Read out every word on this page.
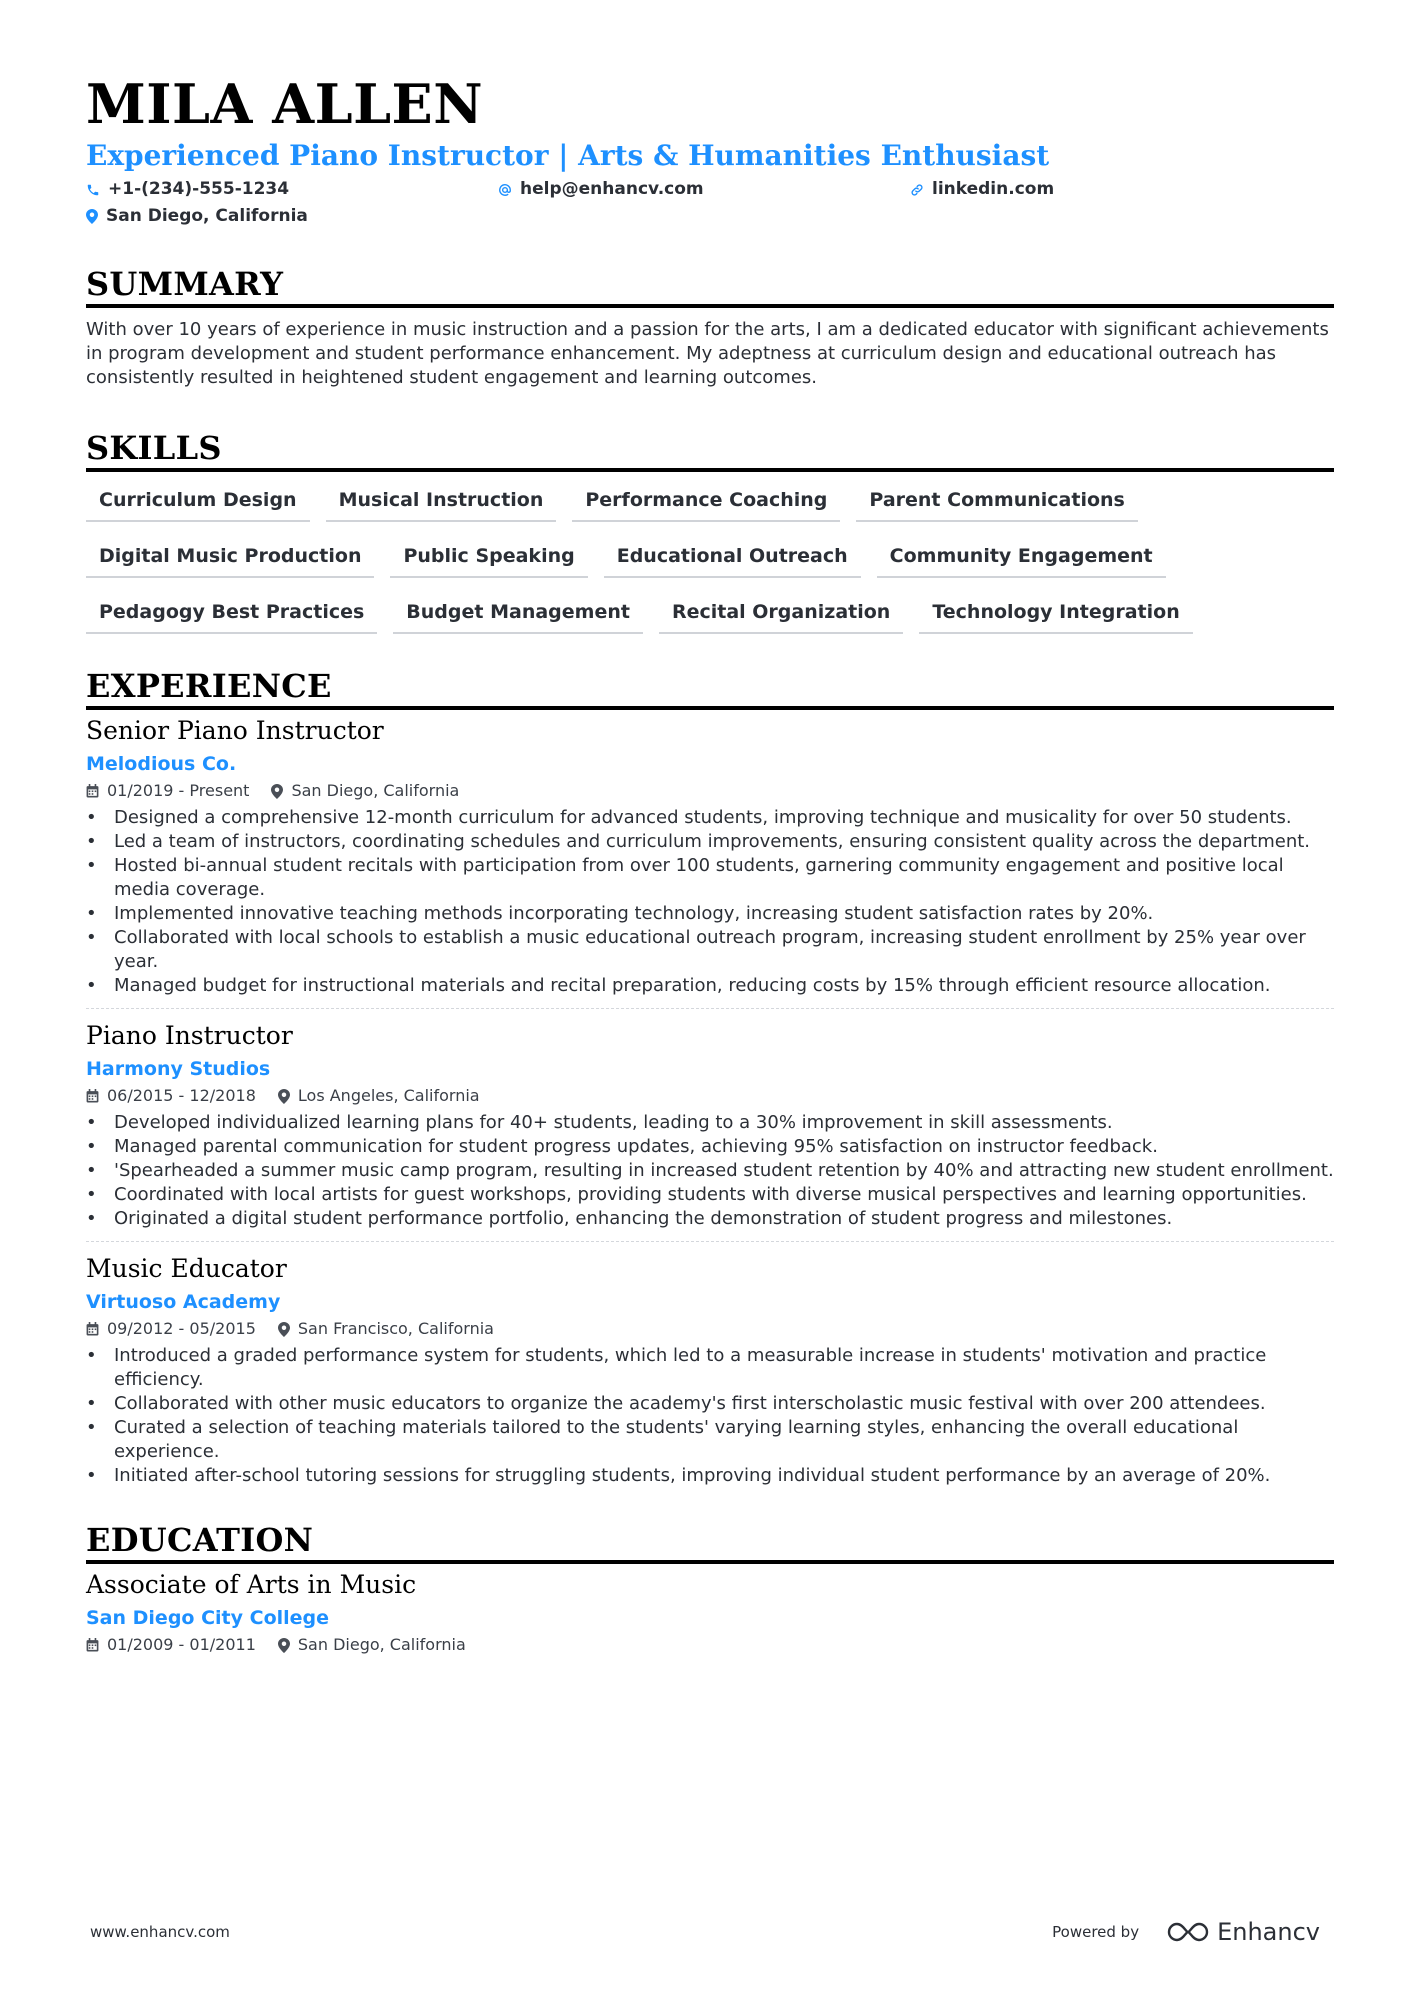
MILA ALLEN
Experienced Piano Instructor | Arts & Humanities Enthusiast
+1-(234)-555-1234	help@enhancv.com	linkedin.com
San Diego, California
SUMMARY
With over 10 years of experience in music instruction and a passion for the arts, I am a dedicated educator with significant achievements in program development and student performance enhancement. My adeptness at curriculum design and educational outreach has consistently resulted in heightened student engagement and learning outcomes.
SKILLS
Curriculum Design	Musical Instruction	Performance Coaching	Parent Communications
Digital Music Production	Public Speaking	Educational Outreach	Community Engagement
Pedagogy Best Practices	Budget Management	Recital Organization	Technology Integration
EXPERIENCE
Senior Piano Instructor
Melodious Co.
01/2019 - Present	San Diego, California
• Designed a comprehensive 12-month curriculum for advanced students, improving technique and musicality for over 50 students.
• Led a team of instructors, coordinating schedules and curriculum improvements, ensuring consistent quality across the department.
• Hosted bi-annual student recitals with participation from over 100 students, garnering community engagement and positive local media coverage.
• Implemented innovative teaching methods incorporating technology, increasing student satisfaction rates by 20%.
• Collaborated with local schools to establish a music educational outreach program, increasing student enrollment by 25% year over year.
• Managed budget for instructional materials and recital preparation, reducing costs by 15% through efficient resource allocation.
Piano Instructor
Harmony Studios
06/2015 - 12/2018	Los Angeles, California
• Developed individualized learning plans for 40+ students, leading to a 30% improvement in skill assessments.
• Managed parental communication for student progress updates, achieving 95% satisfaction on instructor feedback.
• 'Spearheaded a summer music camp program, resulting in increased student retention by 40% and attracting new student enrollment.
• Coordinated with local artists for guest workshops, providing students with diverse musical perspectives and learning opportunities.
• Originated a digital student performance portfolio, enhancing the demonstration of student progress and milestones.
Music Educator
Virtuoso Academy
09/2012 - 05/2015	San Francisco, California
• Introduced a graded performance system for students, which led to a measurable increase in students' motivation and practice efficiency.
• Collaborated with other music educators to organize the academy's first interscholastic music festival with over 200 attendees.
• Curated a selection of teaching materials tailored to the students' varying learning styles, enhancing the overall educational experience.
• Initiated after-school tutoring sessions for struggling students, improving individual student performance by an average of 20%.
EDUCATION
Associate of Arts in Music
San Diego City College
01/2009 - 01/2011	San Diego, California
www.enhancv.com	Powered by	Enhancv
